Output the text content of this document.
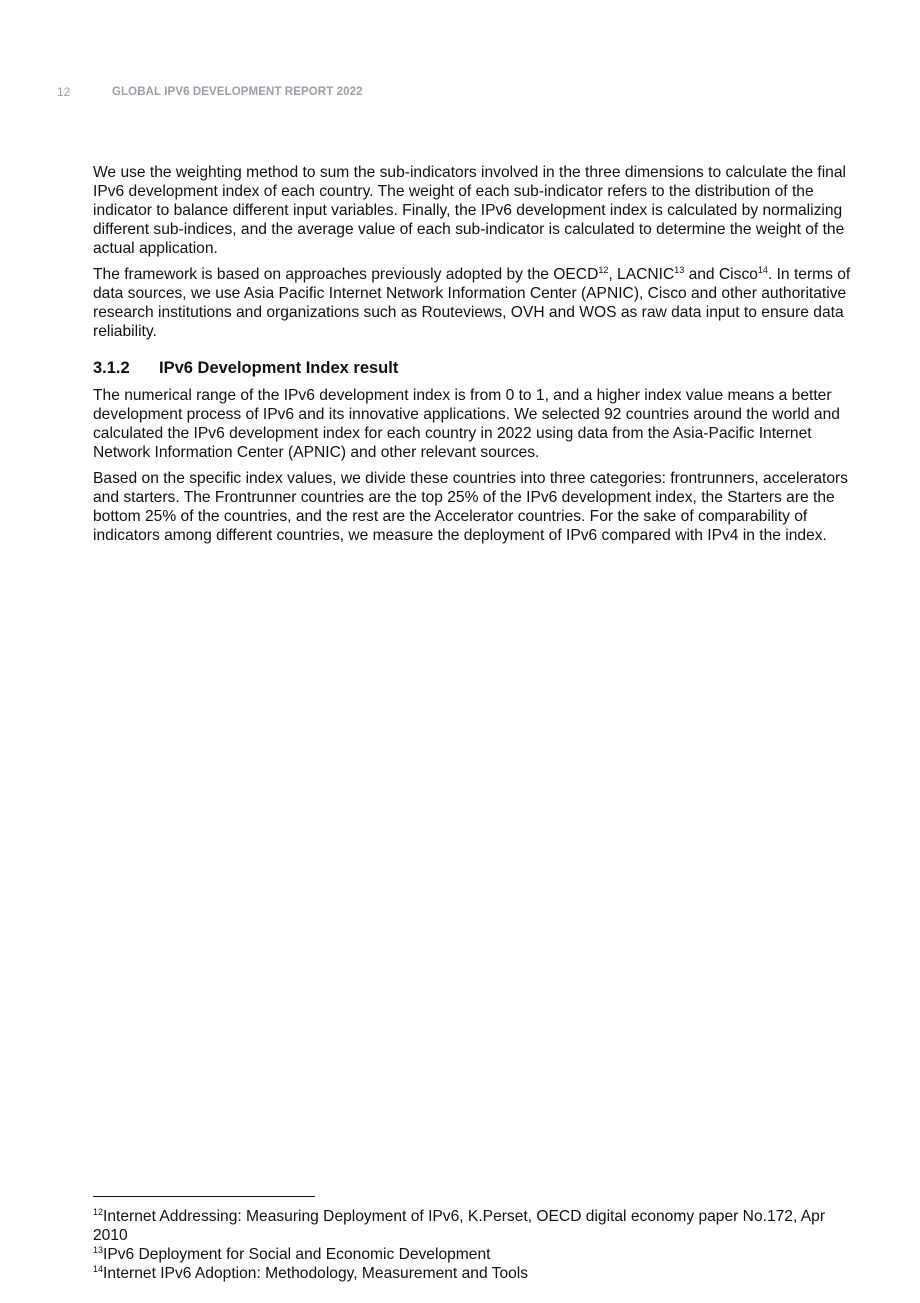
12	GLOBAL IPV6 DEVELOPMENT REPORT 2022

We use the weighting method to sum the sub-indicators involved in the three dimensions to calculate the final IPv6 development index of each country. The weight of each sub-indicator refers to the distribution of the indicator to balance different input variables. Finally, the IPv6 development index is calculated by normalizing different sub-indices, and the average value of each sub-indicator is calculated to determine the weight of the actual application.

The framework is based on approaches previously adopted by the OECD$^{12}$, LACNIC$^{13}$ and Cisco$^{14}$. In terms of data sources, we use Asia Pacific Internet Network Information Center (APNIC), Cisco and other authoritative research institutions and organizations such as Routeviews, OVH and WOS as raw data input to ensure data reliability.

3.1.2	IPv6 Development Index result

The numerical range of the IPv6 development index is from 0 to 1, and a higher index value means a better development process of IPv6 and its innovative applications. We selected 92 countries around the world and calculated the IPv6 development index for each country in 2022 using data from the Asia-Pacific Internet Network Information Center (APNIC) and other relevant sources.

Based on the specific index values, we divide these countries into three categories: frontrunners, accelerators and starters. The Frontrunner countries are the top 25% of the IPv6 development index, the Starters are the bottom 25% of the countries, and the rest are the Accelerator countries. For the sake of comparability of indicators among different countries, we measure the deployment of IPv6 compared with IPv4 in the index.

$^{12}$Internet Addressing: Measuring Deployment of IPv6, K.Perset, OECD digital economy paper No.172, Apr 2010

$^{13}$IPv6 Deployment for Social and Economic Development

$^{14}$Internet IPv6 Adoption: Methodology, Measurement and Tools
